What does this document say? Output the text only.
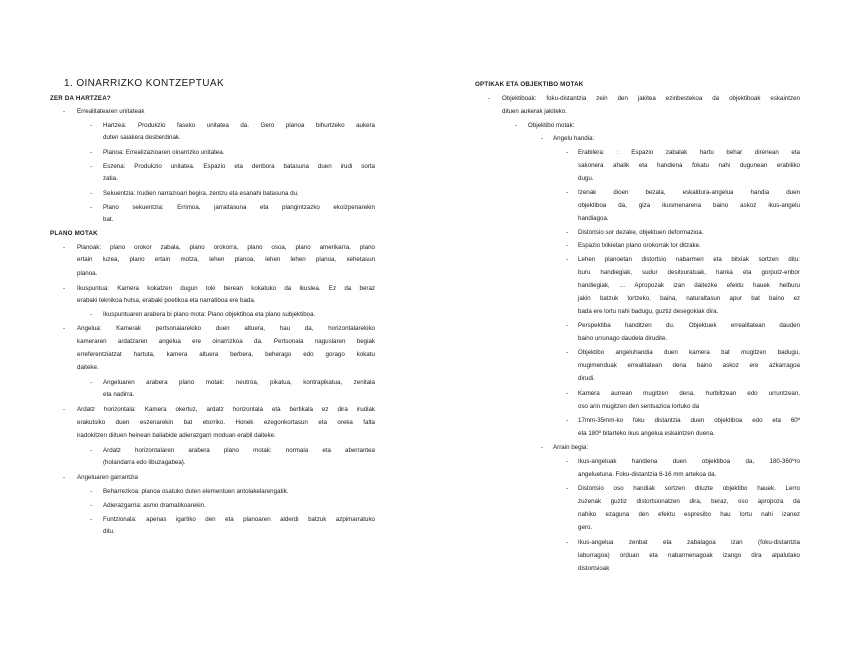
1. OINARRIZKO KONTZEPTUAK
ZER DA HARTZEA?
- Errealitatearen unitateak
- Hartzea: Produkzio faseko unitatea da. Gero planoa bihurtzeko aukera
duten saiakera desberdinak.
- Planoa: Errealizazioaren oinarrizko unitatea.
- Eszena: Produkzio unitatea. Espazio eta denbora batasuna duen irudi sorta
zatia.
- Sekuentzia: Irudien narrazioari begira, zentzu eta esanahi batasuna du.
- Plano sekuentzia: Errimoa, jarraitasuna eta plangintzazko ekoizpenarekin
bat.
PLANO MOTAK
- Planoak: plano orokor zabala, plano orokorra, plano osoa, plano amerikarra, plano
ertain luzea, plano ertain motza, lehen planoa, lehen lehen planoa, xehetasun
planoa.
- Ikuspuntua: Kamera kokatzen dugun toki berean kokatuko da ikuslea. Ez da beraz
erabaki teknikoa hutsa, erabaki poetikoa eta narratiboa ere bada.
- Ikuspuntuaren arabera bi plano mota: Plano objektiboa eta plano subjektiboa.
- Angelua: Kamerak pertsonaiarekiko duen altuera, hau da, horizontalarekiko
kameraren ardatzaren angelua ere oinarrizkoa da. Pertsonaia naguslaren begiak
erreferentziatzat hartuta, kamera altuera berbera, beherago edo gorago kokatu
daiteke.
- Angeluaren arabera plano motak: neutroa, pikatua, kontrapikatua, zenitala
eta nadirra.
- Ardatz horizontala: Kamera okertuz, ardatz horizontala eta bertikala ez dira irudiak
erakutsiko duen eszenarekin bat etorriko. Honek ezegonkortasun eta oreka falta
iradokitzen diituen heinean baliabide adierazgarri moduan erabil daiteke.
- Ardatz horizontalaren arabera plano motak: normala eta aberrantea
(holandarra edo libuzagabea).
- Angeluaren garrantzia
- Beharrezkoa: planoa osatuko duten elementuen antolakelarengatik.
- Adierazgarria: asmo dramatikoarekin.
- Funtzionala: apenas igartiko den eta planoaren alderdi batzuk azpimarratuko
ditu.
OPTIKAK ETA OBJEKTIBO MOTAK
- Objektiboak: foku-distantzia zein den jakitea ezinbestekoa da objektiboak eskaintzen
dituen aukerak jakiteko.
- Objektibo motak:
- Angelu handia:
- Erabilera: : Espazio zabalak hartu behar direnean eta
sakonera ahalik eta handiena fokatu nahi dugunean erabiliko
dugu.
- Izenak dioen bezala, eskaldura-angelua handia duen
objektiboa da, giza ikusmenarena baino askoz ikus-angelu
handiagoa.
- Distortsio sor dezake, objektuen deformazioa.
- Espazio txikietan plano orokorrak lor ditzake.
- Lehen planoetan distortsio nabarmen eta bitxiak sortzen ditu:
buru handiegiak, sudur desitxuratuak, hanka eta gorputz-enbor
handiegiak, … Apropozak izan daitezke efektu hauek helburu
jakin batzuk lortzeko, baina, naturaltasun apur bat baino ez
bada ere lortu nahi badugu, guztiz desegokiak dira.
- Perspektiba handitzen du. Objektuek errealitatean dauden
baino urrunago daudela dirudite.
- Objektibo angeluhandia duen kamera bat mugitzen badugu,
mugimenduak errealitatean dena baino askoz ere azkarragoa
dirudi.
- Kamera aurrean mugitzen dena, hurbiltzean edo urruntzean,
oso arin mugitzen den sentsazioa lortuko da
- 17mm-35mm-ko foku distantzia duen objektiboa edo eta 60º
eta 180º bitarteko ikus angelua eskaintzen duena.
- Arrain begia:
- Ikus-angeluak handiena duen objektiboa da, 180-360ºro
angeluetuna. Foku-distantzia 6-16 mm artekoa da.
- Distortsio oso handiak sortzen dituzte objektibo hauek. Lerro
zuzenak guztiz distortsionatzen dira, beraz, oso apropoza da
nahiko ezaguna den efektu espresibo hau lortu nahi izanez
gero.
- Ikus-angelua zenbat eta zabalagoa izan (foku-distantzia
laburragoa) orduan eta nabarmenagoak izango dira alpalutako
distortsioak
